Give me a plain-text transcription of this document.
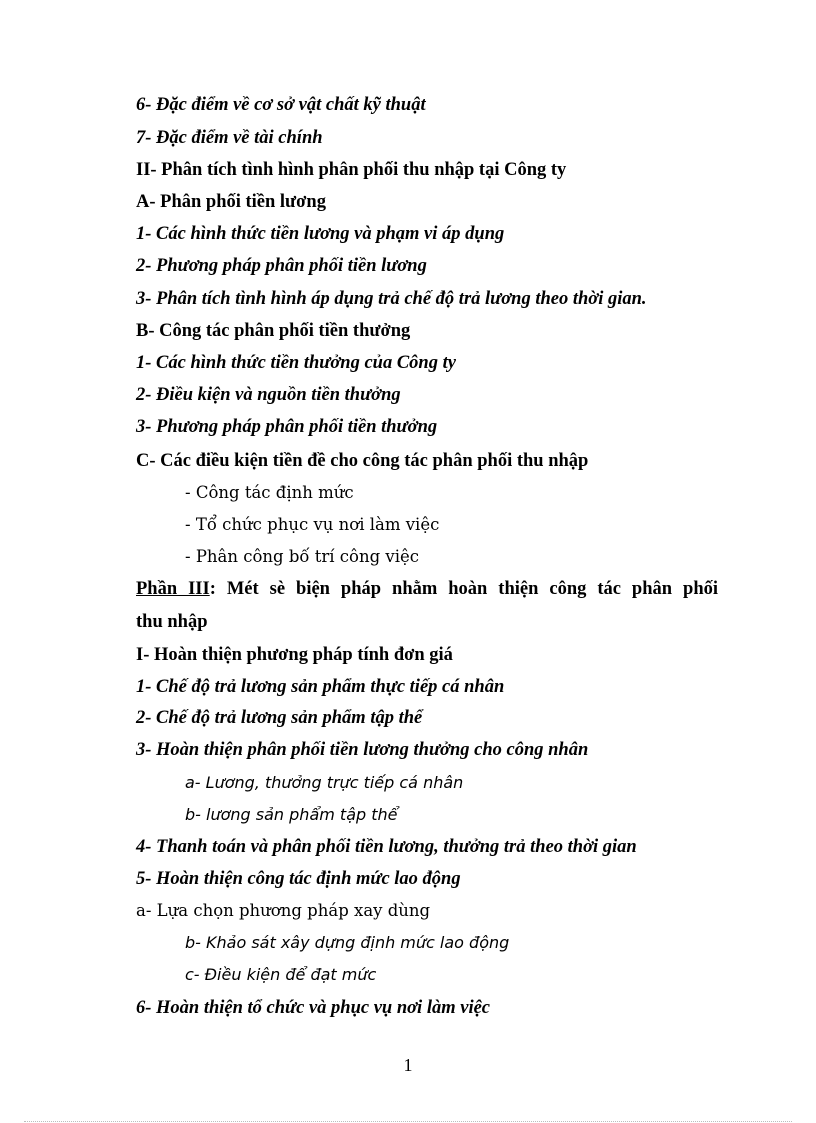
6- Đặc điểm về cơ sở vật chất kỹ thuật
7- Đặc điểm về tài chính
II- Phân tích tình hình phân phối thu nhập tại Công ty
A- Phân phối tiền lương
1- Các hình thức tiền lương và phạm vi áp dụng
2- Phương pháp phân phối tiền lương
3- Phân tích tình hình áp dụng trả chế độ trả lương theo thời gian.
B- Công tác phân phối tiền thưởng
1- Các hình thức tiền thưởng của Công ty
2- Điều kiện và nguồn tiền thưởng
3- Phương pháp phân phối tiền thưởng
C- Các điều kiện tiền đề cho công tác phân phối thu nhập
- Công tác định mức
- Tổ chức phục vụ nơi làm việc
- Phân công bố trí công việc
Phần III: Mét sè biện pháp nhằm hoàn thiện công tác phân phối
thu nhập
I- Hoàn thiện phương pháp tính đơn giá
1- Chế độ trả lương sản phẩm thực tiếp cá nhân
2- Chế độ trả lương sản phẩm tập thể
3- Hoàn thiện phân phối tiền lương thưởng cho công nhân
a- Lương, thưởng trực tiếp cá nhân
b- lương sản phẩm tập thể
4- Thanh toán và phân phối tiền lương, thưởng trả theo thời gian
5- Hoàn thiện công tác định mức lao động
a- Lựa chọn phương pháp xay dùng
b- Khảo sát xây dựng định mức lao động
c- Điều kiện để đạt mức
6- Hoàn thiện tổ chức và phục vụ nơi làm việc
1
